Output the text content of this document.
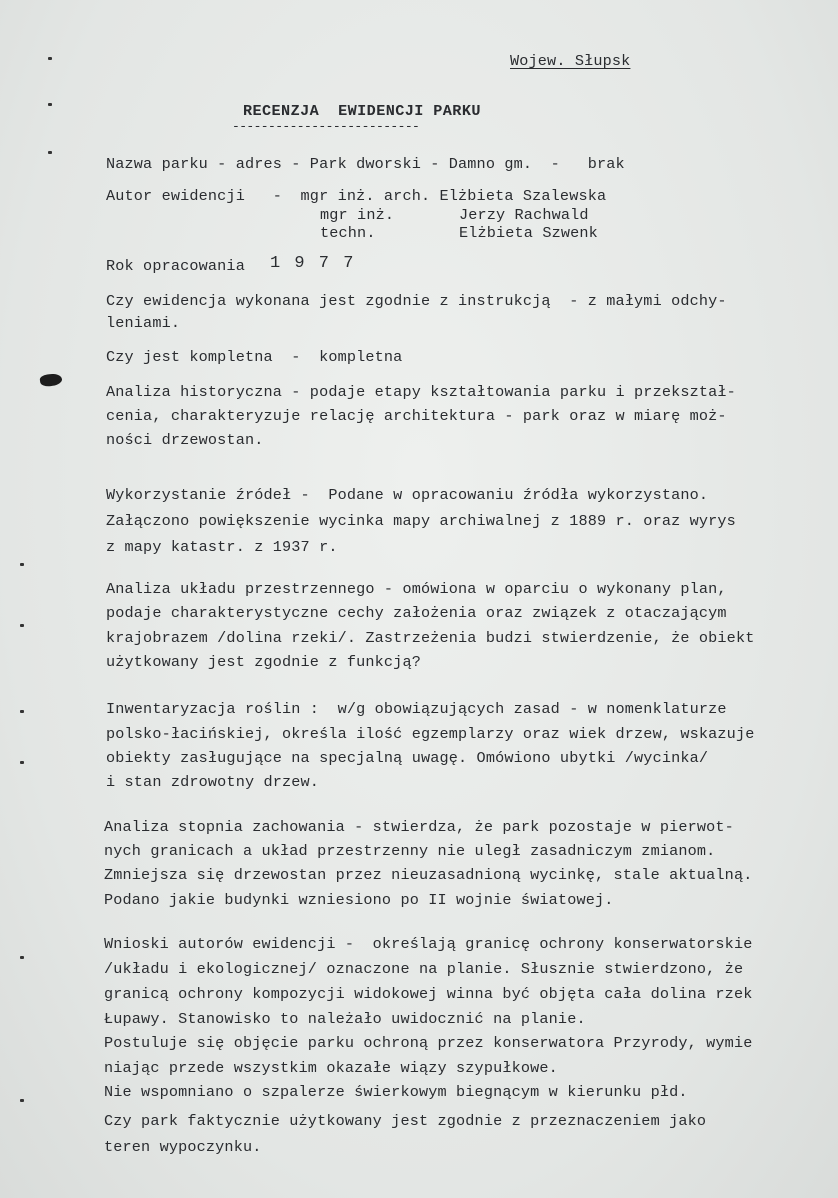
Wojew. Słupsk
RECENZJA  EWIDENCJI PARKU
--------------------------
Nazwa parku - adres - Park dworski - Damno gm.  -   brak
Autor ewidencji   -  mgr inż. arch. Elżbieta Szalewska
mgr inż.       Jerzy Rachwald
techn.         Elżbieta Szwenk
Rok opracowania 1 9 7 7
Czy ewidencja wykonana jest zgodnie z instrukcją  - z małymi odchy-
leniami.
Czy jest kompletna  -  kompletna
Analiza historyczna - podaje etapy kształtowania parku i przekształ-
cenia, charakteryzuje relację architektura - park oraz w miarę moż-
ności drzewostan.
Wykorzystanie źródeł -  Podane w opracowaniu źródła wykorzystano.
Załączono powiększenie wycinka mapy archiwalnej z 1889 r. oraz wyrys
z mapy katastr. z 1937 r.
Analiza układu przestrzennego - omówiona w oparciu o wykonany plan,
podaje charakterystyczne cechy założenia oraz związek z otaczającym
krajobrazem /dolina rzeki/. Zastrzeżenia budzi stwierdzenie, że obiekt
użytkowany jest zgodnie z funkcją?
Inwentaryzacja roślin :  w/g obowiązujących zasad - w nomenklaturze
polsko-łacińskiej, określa ilość egzemplarzy oraz wiek drzew, wskazuje
obiekty zasługujące na specjalną uwagę. Omówiono ubytki /wycinka/
i stan zdrowotny drzew.
Analiza stopnia zachowania - stwierdza, że park pozostaje w pierwot-
nych granicach a układ przestrzenny nie uległ zasadniczym zmianom.
Zmniejsza się drzewostan przez nieuzasadnioną wycinkę, stale aktualną.
Podano jakie budynki wzniesiono po II wojnie światowej.
Wnioski autorów ewidencji -  określają granicę ochrony konserwatorskie
/układu i ekologicznej/ oznaczone na planie. Słusznie stwierdzono, że
granicą ochrony kompozycji widokowej winna być objęta cała dolina rzek
Łupawy. Stanowisko to należało uwidocznić na planie.
Postuluje się objęcie parku ochroną przez konserwatora Przyrody, wymie
niając przede wszystkim okazałe wiązy szypułkowe.
Nie wspomniano o szpalerze świerkowym biegnącym w kierunku płd.
Czy park faktycznie użytkowany jest zgodnie z przeznaczeniem jako
teren wypoczynku.
